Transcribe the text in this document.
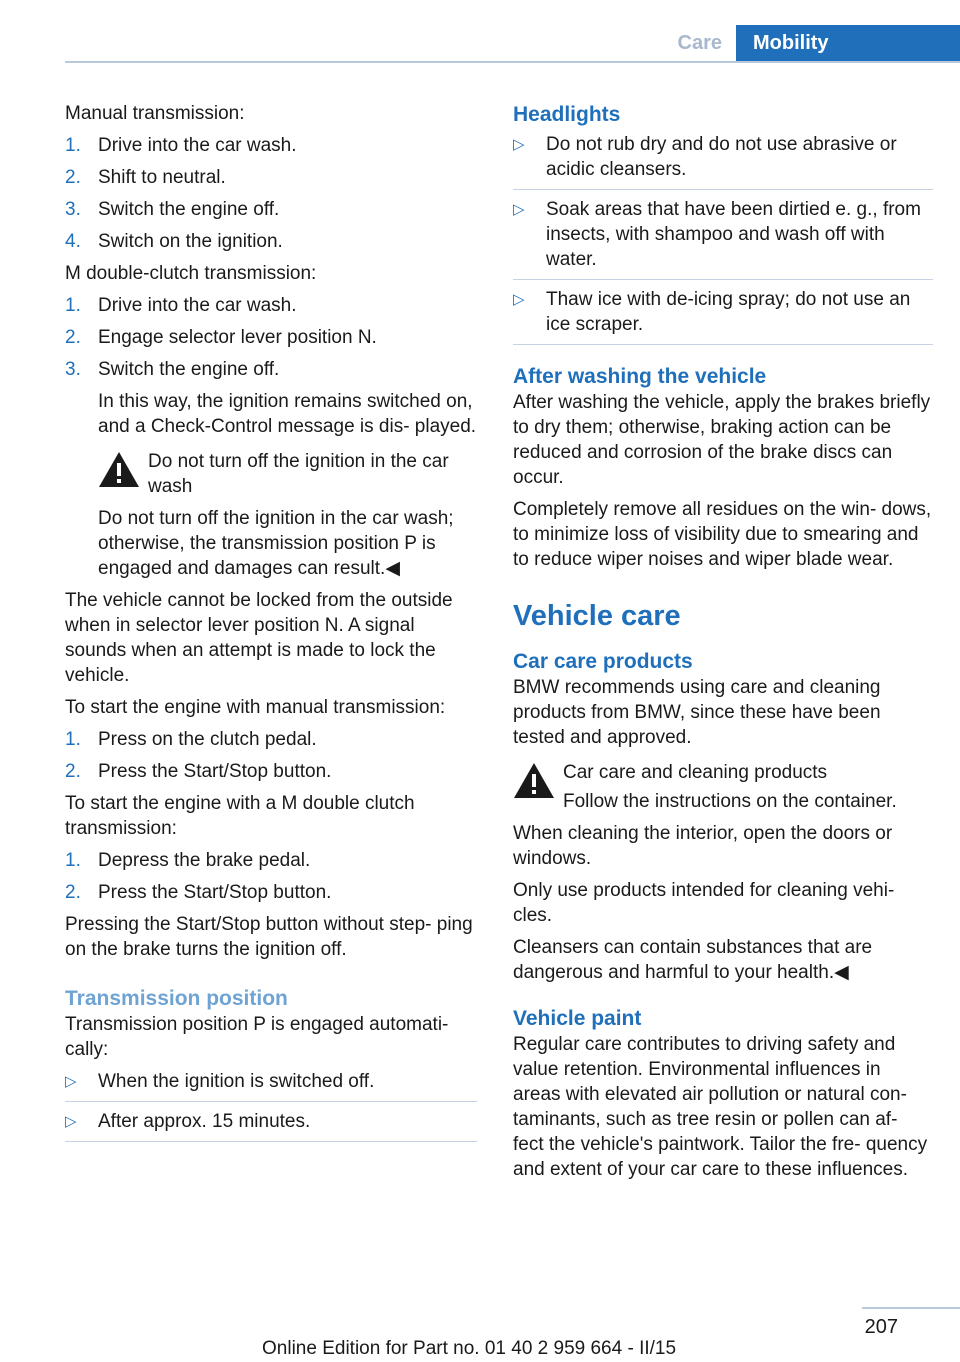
Care	Mobility

Manual transmission:

1. Drive into the car wash.
2. Shift to neutral.
3. Switch the engine off.
4. Switch on the ignition.

M double-clutch transmission:

1. Drive into the car wash.
2. Engage selector lever position N.
3. Switch the engine off.
In this way, the ignition remains switched on, and a Check-Control message is dis‐ played.
Do not turn off the ignition in the car wash
Do not turn off the ignition in the car wash; otherwise, the transmission position P is engaged and damages can result.◀

The vehicle cannot be locked from the outside when in selector lever position N. A signal sounds when an attempt is made to lock the vehicle.

To start the engine with manual transmission:

1. Press on the clutch pedal.
2. Press the Start/Stop button.

To start the engine with a M double clutch transmission:

1. Depress the brake pedal.
2. Press the Start/Stop button.

Pressing the Start/Stop button without step‐ ping on the brake turns the ignition off.

Transmission position

Transmission position P is engaged automati‐ cally:

▷ When the ignition is switched off.
▷ After approx. 15 minutes.
Headlights
▷ Do not rub dry and do not use abrasive or acidic cleansers.
▷ Soak areas that have been dirtied e. g., from insects, with shampoo and wash off with water.
▷ Thaw ice with de-icing spray; do not use an ice scraper.
After washing the vehicle

After washing the vehicle, apply the brakes briefly to dry them; otherwise, braking action can be reduced and corrosion of the brake discs can occur.

Completely remove all residues on the win‐ dows, to minimize loss of visibility due to smearing and to reduce wiper noises and wiper blade wear.

Vehicle care
Car care products

BMW recommends using care and cleaning products from BMW, since these have been tested and approved.

Car care and cleaning products
Follow the instructions on the container.

When cleaning the interior, open the doors or windows.

Only use products intended for cleaning vehi‐ cles.

Cleansers can contain substances that are dangerous and harmful to your health.◀

Vehicle paint

Regular care contributes to driving safety and value retention. Environmental influences in areas with elevated air pollution or natural con‐ taminants, such as tree resin or pollen can af‐ fect the vehicle's paintwork. Tailor the fre‐ quency and extent of your car care to these influences.

207
Online Edition for Part no. 01 40 2 959 664 - II/15
